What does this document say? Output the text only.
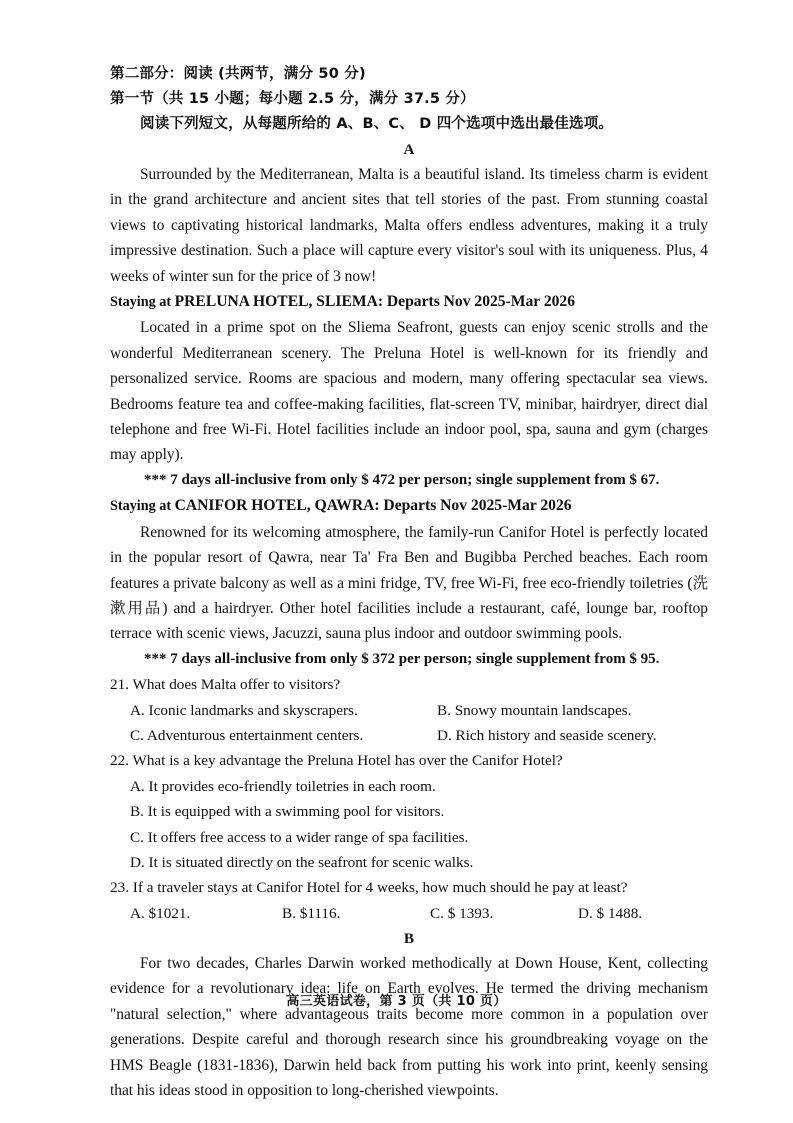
第二部分：阅读 (共两节，满分 50 分)
第一节（共 15 小题；每小题 2.5 分，满分 37.5 分）
阅读下列短文，从每题所给的 A、B、C、 D 四个选项中选出最佳选项。

A

Surrounded by the Mediterranean, Malta is a beautiful island. Its timeless charm is evident in the grand architecture and ancient sites that tell stories of the past. From stunning coastal views to captivating historical landmarks, Malta offers endless adventures, making it a truly impressive destination. Such a place will capture every visitor's soul with its uniqueness. Plus, 4 weeks of winter sun for the price of 3 now!

Staying at PRELUNA HOTEL, SLIEMA: Departs Nov 2025-Mar 2026

Located in a prime spot on the Sliema Seafront, guests can enjoy scenic strolls and the wonderful Mediterranean scenery. The Preluna Hotel is well-known for its friendly and personalized service. Rooms are spacious and modern, many offering spectacular sea views. Bedrooms feature tea and coffee-making facilities, flat-screen TV, minibar, hairdryer, direct dial telephone and free Wi-Fi. Hotel facilities include an indoor pool, spa, sauna and gym (charges may apply).

*** 7 days all-inclusive from only $ 472 per person; single supplement from $ 67.

Staying at CANIFOR HOTEL, QAWRA: Departs Nov 2025-Mar 2026

Renowned for its welcoming atmosphere, the family-run Canifor Hotel is perfectly located in the popular resort of Qawra, near Ta' Fra Ben and Bugibba Perched beaches. Each room features a private balcony as well as a mini fridge, TV, free Wi-Fi, free eco-friendly toiletries (洗漱用品) and a hairdryer. Other hotel facilities include a restaurant, café, lounge bar, rooftop terrace with scenic views, Jacuzzi, sauna plus indoor and outdoor swimming pools.

*** 7 days all-inclusive from only $ 372 per person; single supplement from $ 95.

21. What does Malta offer to visitors?

A. Iconic landmarks and skyscrapers.	B. Snowy mountain landscapes.
C. Adventurous entertainment centers.	D. Rich history and seaside scenery.

22. What is a key advantage the Preluna Hotel has over the Canifor Hotel?

A. It provides eco-friendly toiletries in each room.
B. It is equipped with a swimming pool for visitors.
C. It offers free access to a wider range of spa facilities.
D. It is situated directly on the seafront for scenic walks.

23. If a traveler stays at Canifor Hotel for 4 weeks, how much should he pay at least?

A. $1021.	B. $1116.	C. $ 1393.	D. $ 1488.

B

For two decades, Charles Darwin worked methodically at Down House, Kent, collecting evidence for a revolutionary idea: life on Earth evolves. He termed the driving mechanism "natural selection," where advantageous traits become more common in a population over generations. Despite careful and thorough research since his groundbreaking voyage on the HMS Beagle (1831-1836), Darwin held back from putting his work into print, keenly sensing that his ideas stood in opposition to long-cherished viewpoints.

高三英语试卷，第 3 页（共 10 页）
